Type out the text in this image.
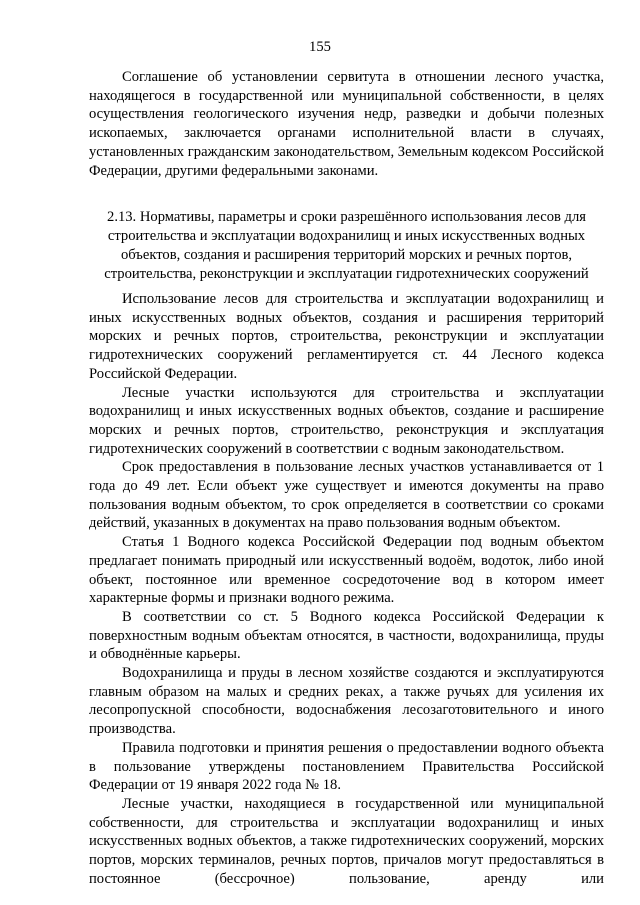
155

Соглашение об установлении сервитута в отношении лесного участка, находящегося в государственной или муниципальной собственности, в целях осуществления геологического изучения недр, разведки и добычи полезных ископаемых, заключается органами исполнительной власти в случаях, установленных гражданским законодательством, Земельным кодексом Российской Федерации, другими федеральными законами.

2.13. Нормативы, параметры и сроки разрешённого использования лесов для строительства и эксплуатации водохранилищ и иных искусственных водных объектов, создания и расширения территорий морских и речных портов, строительства, реконструкции и эксплуатации гидротехнических сооружений

Использование лесов для строительства и эксплуатации водохранилищ и иных искусственных водных объектов, создания и расширения территорий морских и речных портов, строительства, реконструкции и эксплуатации гидротехнических сооружений регламентируется ст. 44 Лесного кодекса Российской Федерации.

Лесные участки используются для строительства и эксплуатации водохранилищ и иных искусственных водных объектов, создание и расширение морских и речных портов, строительство, реконструкция и эксплуатация гидротехнических сооружений в соответствии с водным законодательством.

Срок предоставления в пользование лесных участков устанавливается от 1 года до 49 лет. Если объект уже существует и имеются документы на право пользования водным объектом, то срок определяется в соответствии со сроками действий, указанных в документах на право пользования водным объектом.

Статья 1 Водного кодекса Российской Федерации под водным объектом предлагает понимать природный или искусственный водоём, водоток, либо иной объект, постоянное или временное сосредоточение вод в котором имеет характерные формы и признаки водного режима.

В соответствии со ст. 5 Водного кодекса Российской Федерации к поверхностным водным объектам относятся, в частности, водохранилища, пруды и обводнённые карьеры.

Водохранилища и пруды в лесном хозяйстве создаются и эксплуатируются главным образом на малых и средних реках, а также ручьях для усиления их лесопропускной способности, водоснабжения лесозаготовительного и иного производства.

Правила подготовки и принятия решения о предоставлении водного объекта в пользование утверждены постановлением Правительства Российской Федерации от 19 января 2022 года № 18.

Лесные участки, находящиеся в государственной или муниципальной собственности, для строительства и эксплуатации водохранилищ и иных искусственных водных объектов, а также гидротехнических сооружений, морских портов, морских терминалов, речных портов, причалов могут предоставляться в постоянное (бессрочное) пользование, аренду или
